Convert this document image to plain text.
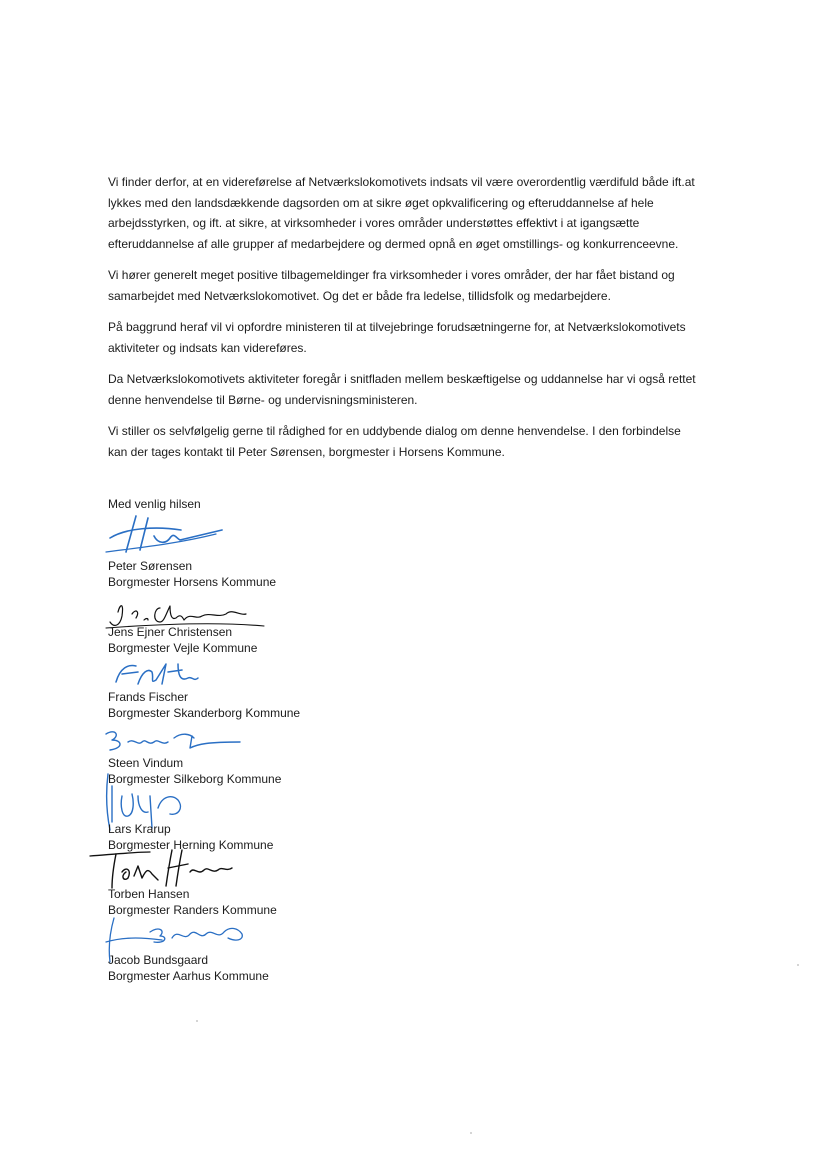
Vi finder derfor, at en videreførelse af Netværkslokomotivets indsats vil være overordentlig værdifuld både ift.at lykkes med den landsdækkende dagsorden om at sikre øget opkvalificering og efteruddannelse af hele arbejdsstyrken, og ift. at sikre, at virksomheder i vores områder understøttes effektivt i at igangsætte efteruddannelse af alle grupper af medarbejdere og dermed opnå en øget omstillings- og konkurrenceevne.

Vi hører generelt meget positive tilbagemeldinger fra virksomheder i vores områder, der har fået bistand og samarbejdet med Netværkslokomotivet. Og det er både fra ledelse, tillidsfolk og medarbejdere.

På baggrund heraf vil vi opfordre ministeren til at tilvejebringe forudsætningerne for, at Netværkslokomotivets aktiviteter og indsats kan videreføres.

Da Netværkslokomotivets aktiviteter foregår i snitfladen mellem beskæftigelse og uddannelse har vi også rettet denne henvendelse til Børne- og undervisningsministeren.

Vi stiller os selvfølgelig gerne til rådighed for en uddybende dialog om denne henvendelse. I den forbindelse kan der tages kontakt til Peter Sørensen, borgmester i Horsens Kommune.

Med venlig hilsen
Peter Sørensen
Borgmester Horsens Kommune
Jens Ejner Christensen
Borgmester Vejle Kommune
Frands Fischer
Borgmester Skanderborg Kommune
Steen Vindum
Borgmester Silkeborg Kommune
Lars Krarup
Borgmester Herning Kommune
Torben Hansen
Borgmester Randers Kommune
Jacob Bundsgaard
Borgmester Aarhus Kommune
